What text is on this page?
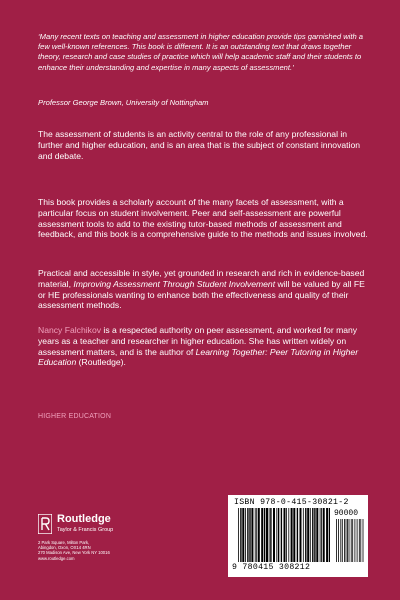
‘Many recent texts on teaching and assessment in higher education provide tips garnished with a few well-known references. This book is different. It is an outstanding text that draws together theory, research and case studies of practice which will help academic staff and their students to enhance their understanding and expertise in many aspects of assessment.’

Professor George Brown, University of Nottingham

The assessment of students is an activity central to the role of any professional in further and higher education, and is an area that is the subject of constant innovation and debate.

This book provides a scholarly account of the many facets of assessment, with a particular focus on student involvement. Peer and self-assessment are powerful assessment tools to add to the existing tutor-based methods of assessment and feedback, and this book is a comprehensive guide to the methods and issues involved.

Practical and accessible in style, yet grounded in research and rich in evidence-based material, Improving Assessment Through Student Involvement will be valued by all FE or HE professionals wanting to enhance both the effectiveness and quality of their assessment methods.

Nancy Falchikov is a respected authority on peer assessment, and worked for many years as a teacher and researcher in higher education. She has written widely on assessment matters, and is the author of Learning Together: Peer Tutoring in Higher Education (Routledge).

HIGHER EDUCATION

Routledge
Taylor & Francis Group
2 Park Square, Milton Park,
Abingdon, Oxon, OX14 4RN
270 Madison Ave, New York NY 10016
www.routledge.com
ISBN 978-0-415-30821-2
90000
9 780415 308212
